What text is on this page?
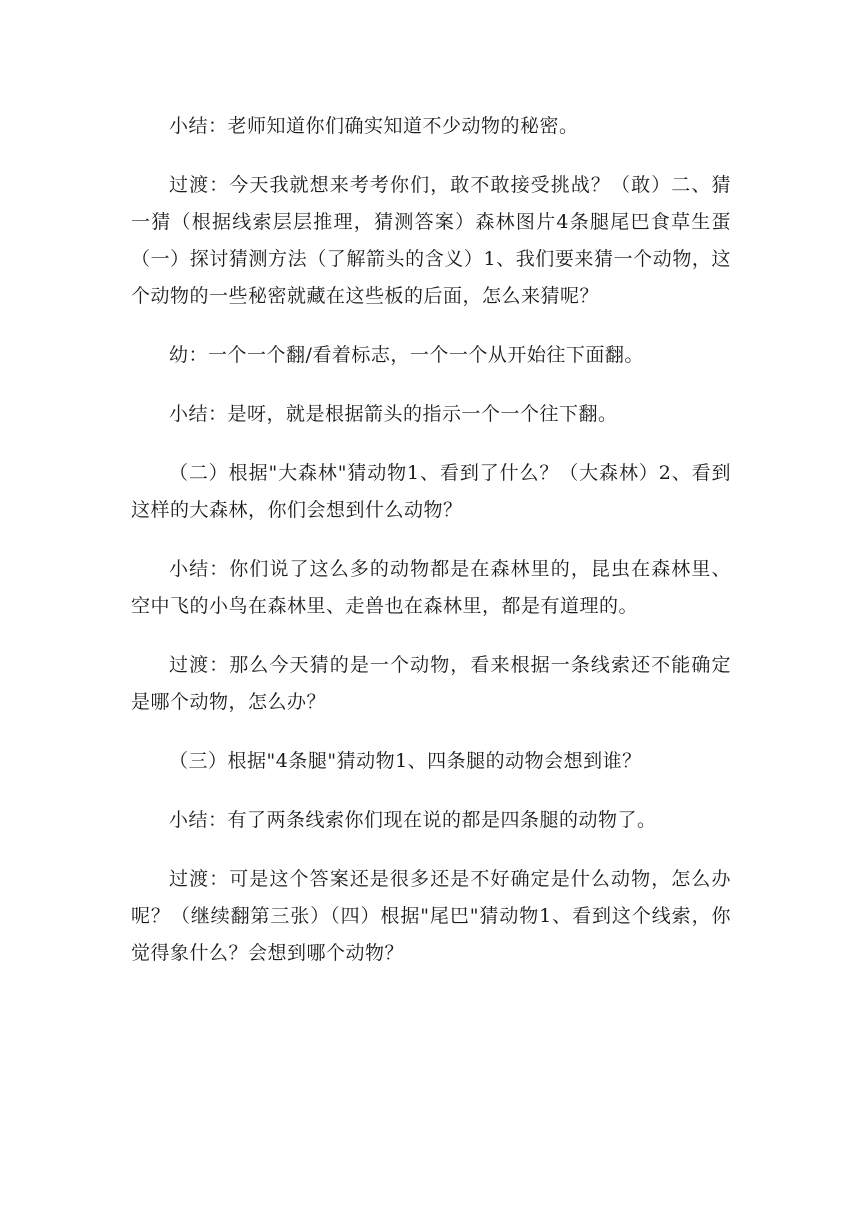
小结：老师知道你们确实知道不少动物的秘密。

过渡：今天我就想来考考你们，敢不敢接受挑战？（敢）二、猜一猜（根据线索层层推理，猜测答案）森林图片4条腿尾巴食草生蛋（一）探讨猜测方法（了解箭头的含义）1、我们要来猜一个动物，这个动物的一些秘密就藏在这些板的后面，怎么来猜呢？

幼：一个一个翻/看着标志，一个一个从开始往下面翻。

小结：是呀，就是根据箭头的指示一个一个往下翻。

（二）根据"大森林"猜动物1、看到了什么？（大森林）2、看到这样的大森林，你们会想到什么动物？

小结：你们说了这么多的动物都是在森林里的，昆虫在森林里、空中飞的小鸟在森林里、走兽也在森林里，都是有道理的。

过渡：那么今天猜的是一个动物，看来根据一条线索还不能确定是哪个动物，怎么办？

（三）根据"4条腿"猜动物1、四条腿的动物会想到谁？

小结：有了两条线索你们现在说的都是四条腿的动物了。

过渡：可是这个答案还是很多还是不好确定是什么动物，怎么办呢？（继续翻第三张）（四）根据"尾巴"猜动物1、看到这个线索，你觉得象什么？会想到哪个动物？
